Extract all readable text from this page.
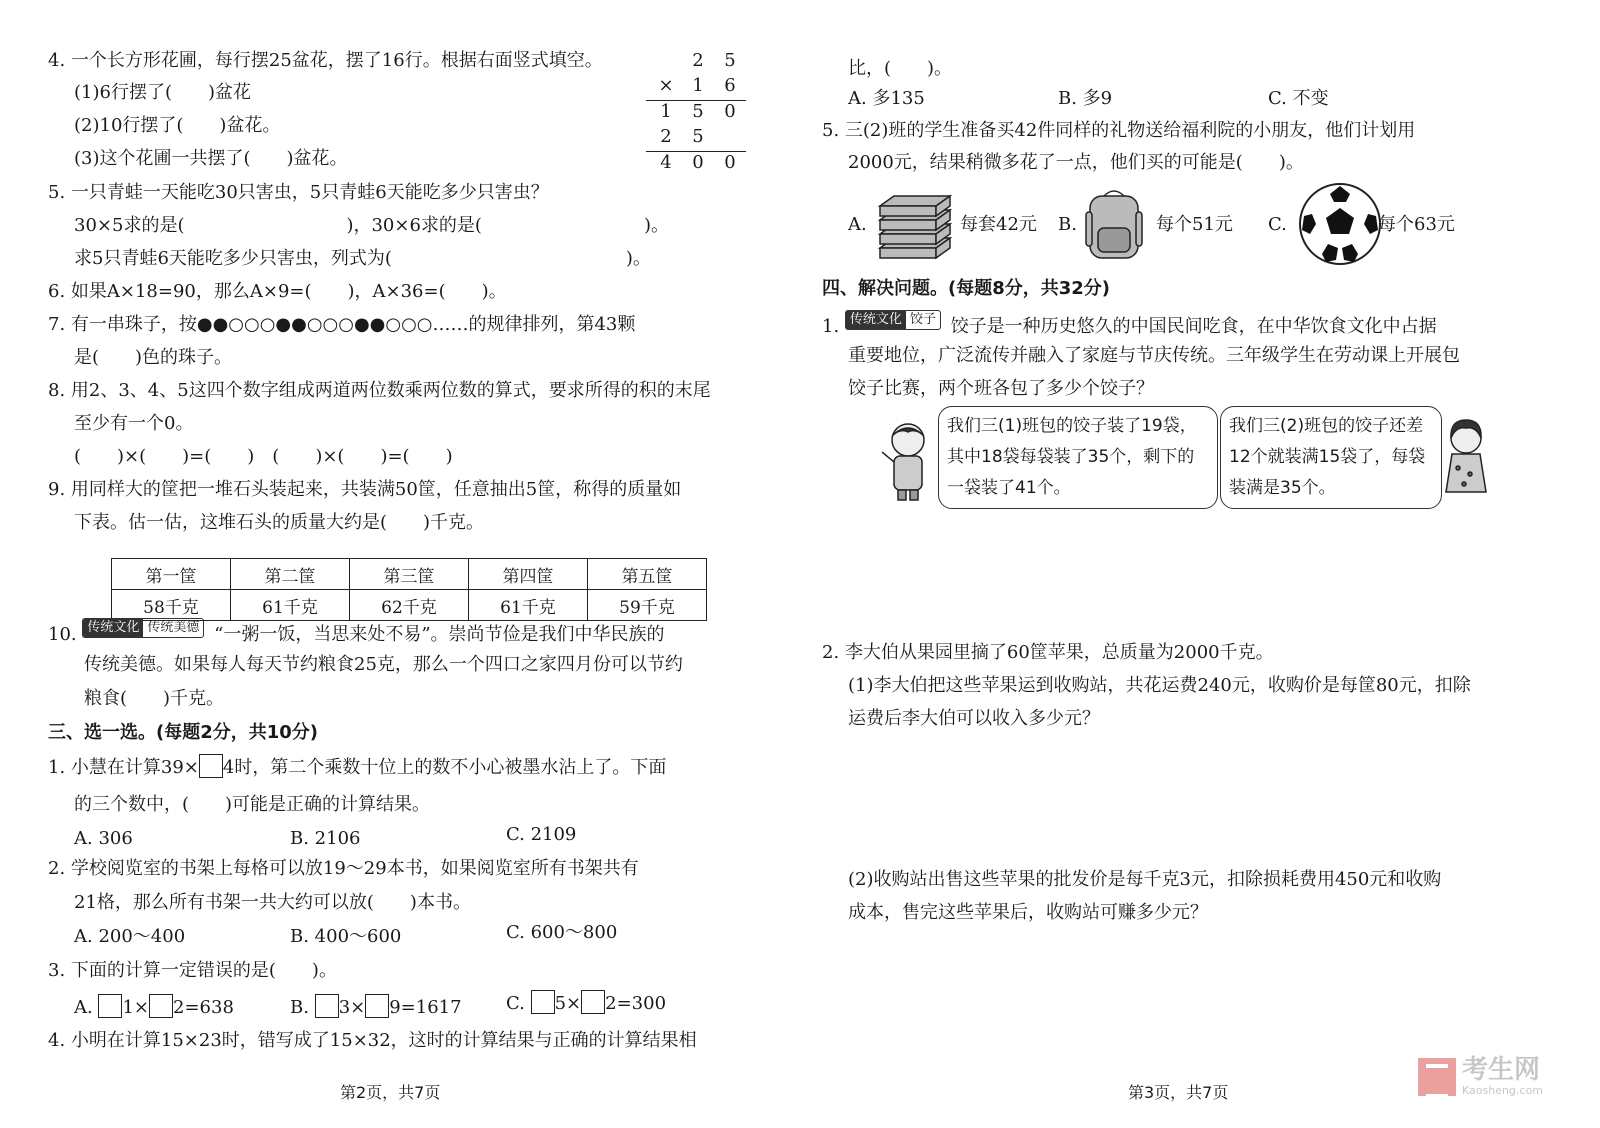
4. 一个长方形花圃，每行摆25盆花，摆了16行。根据右面竖式填空。
(1)6行摆了(　　)盆花
(2)10行摆了(　　)盆花。
(3)这个花圃一共摆了(　　)盆花。
2	5
×	1	6
1	5	0
2	5
4	0	0
5. 一只青蛙一天能吃30只害虫，5只青蛙6天能吃多少只害虫？
30×5求的是(　　　　　　　　　)，30×6求的是(　　　　　　　　　)。
求5只青蛙6天能吃多少只害虫，列式为(　　　　　　　　　　　　　)。
6. 如果A×18=90，那么A×9=(　　)，A×36=(　　)。
7. 有一串珠子，按●●○○○●●○○○●●○○○……的规律排列，第43颗
是(　　)色的珠子。
8. 用2、3、4、5这四个数字组成两道两位数乘两位数的算式，要求所得的积的末尾
至少有一个0。
(　　)×(　　)=(　　)　(　　)×(　　)=(　　)
9. 用同样大的筐把一堆石头装起来，共装满50筐，任意抽出5筐，称得的质量如
下表。估一估，这堆石头的质量大约是(　　)千克。
第一筐	第二筐	第三筐	第四筐	第五筐
58千克	61千克	62千克	61千克	59千克
10. 传统文化 传统美德 “一粥一饭，当思来处不易”。崇尚节俭是我们中华民族的
传统美德。如果每人每天节约粮食25克，那么一个四口之家四月份可以节约
粮食(　　)千克。
三、选一选。(每题2分，共10分)
1. 小慧在计算39× 4时，第二个乘数十位上的数不小心被墨水沾上了。下面
的三个数中，(　　)可能是正确的计算结果。
A. 306	B. 2106	C. 2109
2. 学校阅览室的书架上每格可以放19～29本书，如果阅览室所有书架共有
21格，那么所有书架一共大约可以放(　　)本书。
A. 200～400	B. 400～600	C. 600～800
3. 下面的计算一定错误的是(　　)。
A. 1× 2=638	B. 3× 9=1617 C. 5× 2=300
4. 小明在计算15×23时，错写成了15×32，这时的计算结果与正确的计算结果相
第2页，共7页
比，(　　)。
A. 多135	B. 多9	C. 不变
5. 三(2)班的学生准备买42件同样的礼物送给福利院的小朋友，他们计划用
2000元，结果稍微多花了一点，他们买的可能是(　　)。
A.	每套42元 B.	每个51元 C.	每个63元
四、解决问题。(每题8分，共32分)
1. 传统文化 饺子 饺子是一种历史悠久的中国民间吃食，在中华饮食文化中占据
重要地位，广泛流传并融入了家庭与节庆传统。三年级学生在劳动课上开展包
饺子比赛，两个班各包了多少个饺子？
我们三(1)班包的饺子装了19袋，
其中18袋每袋装了35个，剩下的
一袋装了41个。
我们三(2)班包的饺子还差
12个就装满15袋了，每袋
装满是35个。
2. 李大伯从果园里摘了60筐苹果，总质量为2000千克。
(1)李大伯把这些苹果运到收购站，共花运费240元，收购价是每筐80元，扣除
运费后李大伯可以收入多少元？
(2)收购站出售这些苹果的批发价是每千克3元，扣除损耗费用450元和收购
成本，售完这些苹果后，收购站可赚多少元？
第3页，共7页
考生网
Kaosheng.com
